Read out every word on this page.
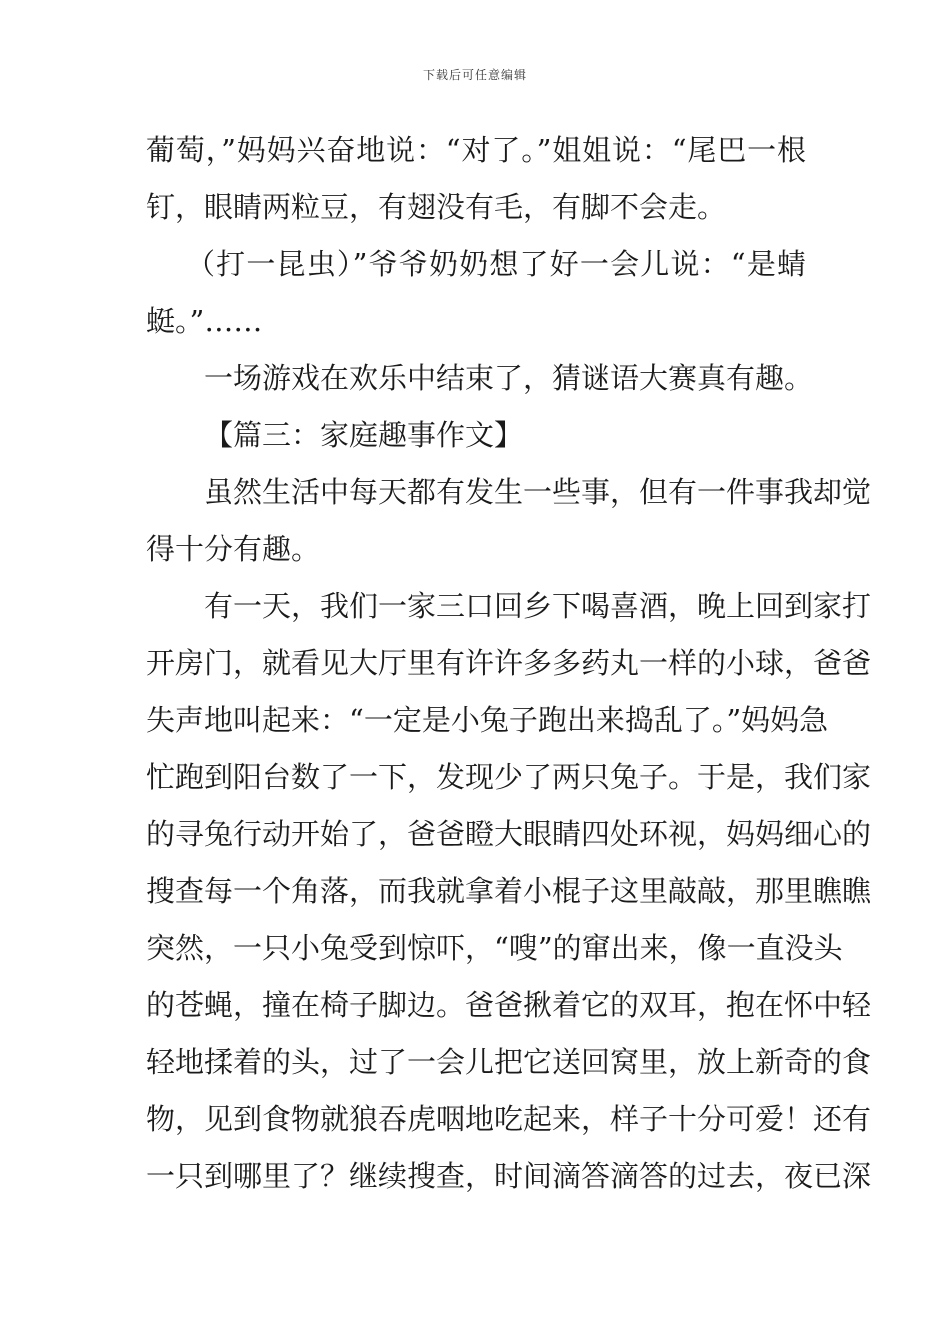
下载后可任意编辑
葡萄，”妈妈兴奋地说：“对了。”姐姐说：“尾巴一根
钉，眼睛两粒豆，有翅没有毛，有脚不会走。
（打一昆虫）”爷爷奶奶想了好一会儿说：“是蜻
蜓。”……
一场游戏在欢乐中结束了，猜谜语大赛真有趣。
【篇三：家庭趣事作文】
虽然生活中每天都有发生一些事，但有一件事我却觉
得十分有趣。
有一天，我们一家三口回乡下喝喜酒，晚上回到家打
开房门，就看见大厅里有许许多多药丸一样的小球，爸爸
失声地叫起来：“一定是小兔子跑出来捣乱了。”妈妈急
忙跑到阳台数了一下，发现少了两只兔子。于是，我们家
的寻兔行动开始了，爸爸瞪大眼睛四处环视，妈妈细心的
搜查每一个角落，而我就拿着小棍子这里敲敲，那里瞧瞧
突然，一只小兔受到惊吓，“嗖”的窜出来，像一直没头
的苍蝇，撞在椅子脚边。爸爸揪着它的双耳，抱在怀中轻
轻地揉着的头，过了一会儿把它送回窝里，放上新奇的食
物，见到食物就狼吞虎咽地吃起来，样子十分可爱！还有
一只到哪里了？继续搜查，时间滴答滴答的过去，夜已深
